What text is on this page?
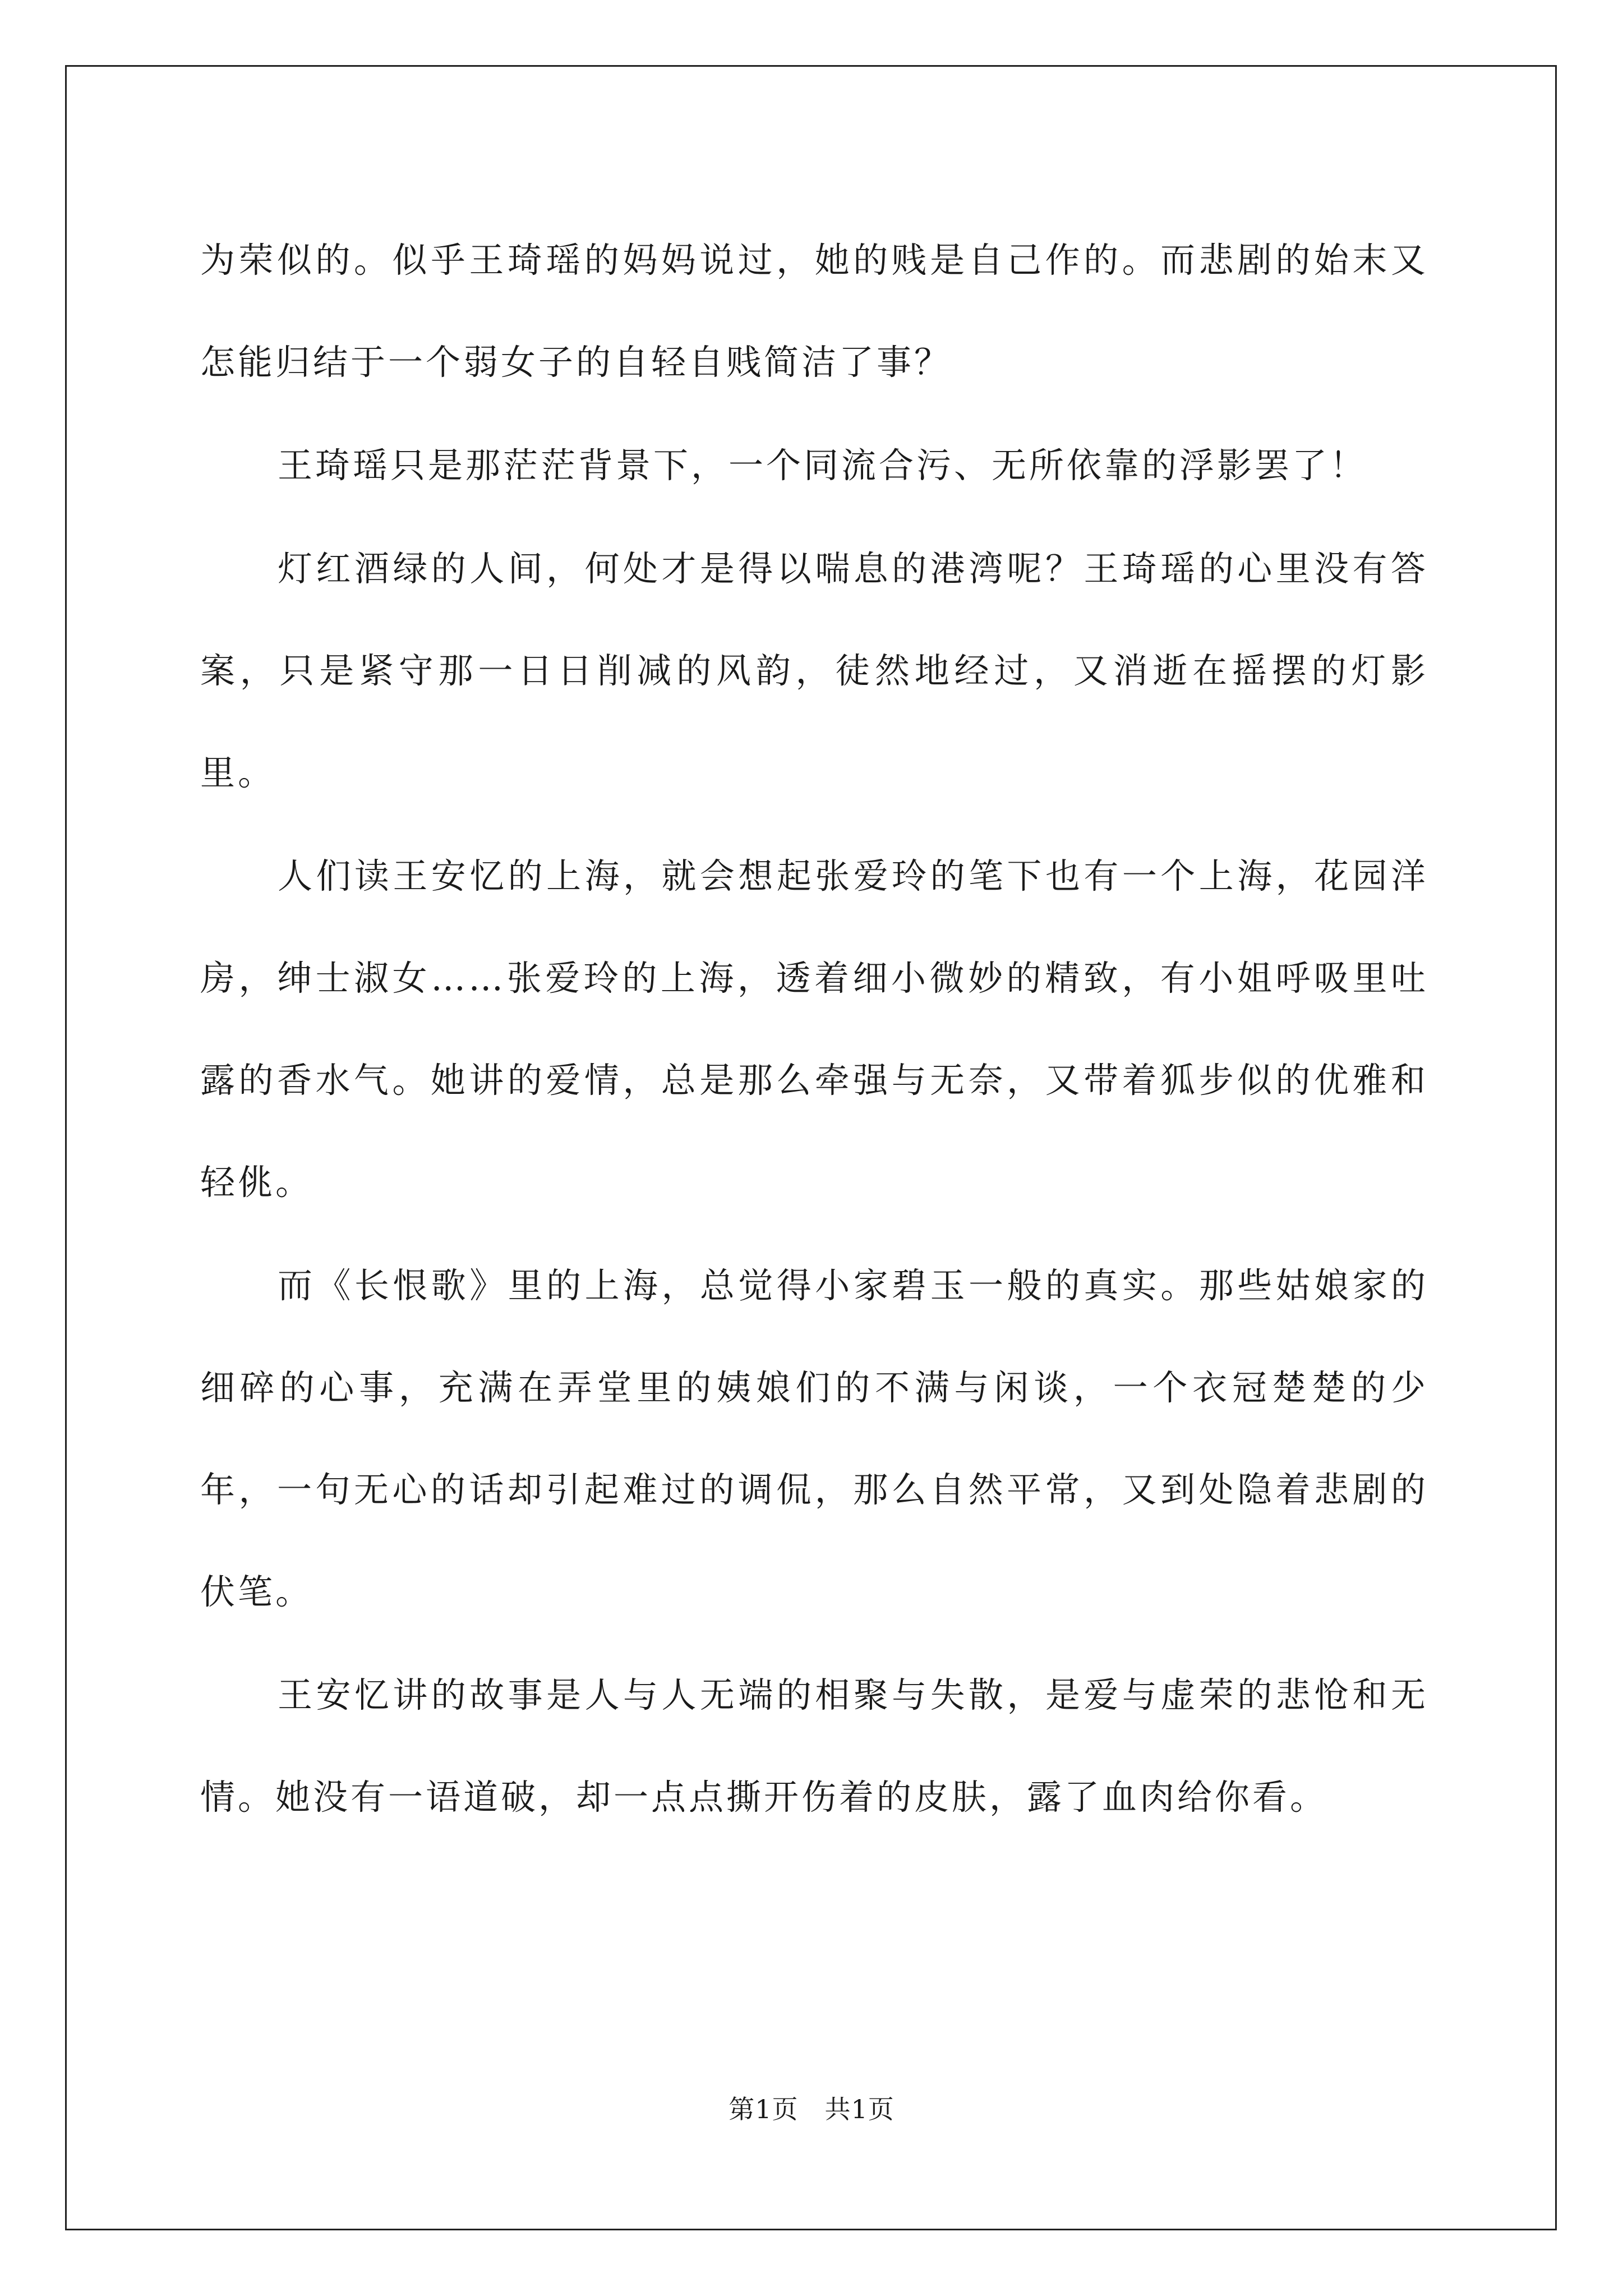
为荣似的。似乎王琦瑶的妈妈说过，她的贱是自己作的。而悲剧的始末又怎能归结于一个弱女子的自轻自贱简洁了事？

王琦瑶只是那茫茫背景下，一个同流合污、无所依靠的浮影罢了！

灯红酒绿的人间，何处才是得以喘息的港湾呢？王琦瑶的心里没有答案，只是紧守那一日日削减的风韵，徒然地经过，又消逝在摇摆的灯影里。

人们读王安忆的上海，就会想起张爱玲的笔下也有一个上海，花园洋房，绅士淑女……张爱玲的上海，透着细小微妙的精致，有小姐呼吸里吐露的香水气。她讲的爱情，总是那么牵强与无奈，又带着狐步似的优雅和轻佻。

而《长恨歌》里的上海，总觉得小家碧玉一般的真实。那些姑娘家的细碎的心事，充满在弄堂里的姨娘们的不满与闲谈，一个衣冠楚楚的少年，一句无心的话却引起难过的调侃，那么自然平常，又到处隐着悲剧的伏笔。

王安忆讲的故事是人与人无端的相聚与失散，是爱与虚荣的悲怆和无情。她没有一语道破，却一点点撕开伤着的皮肤，露了血肉给你看。

第1页　共1页
